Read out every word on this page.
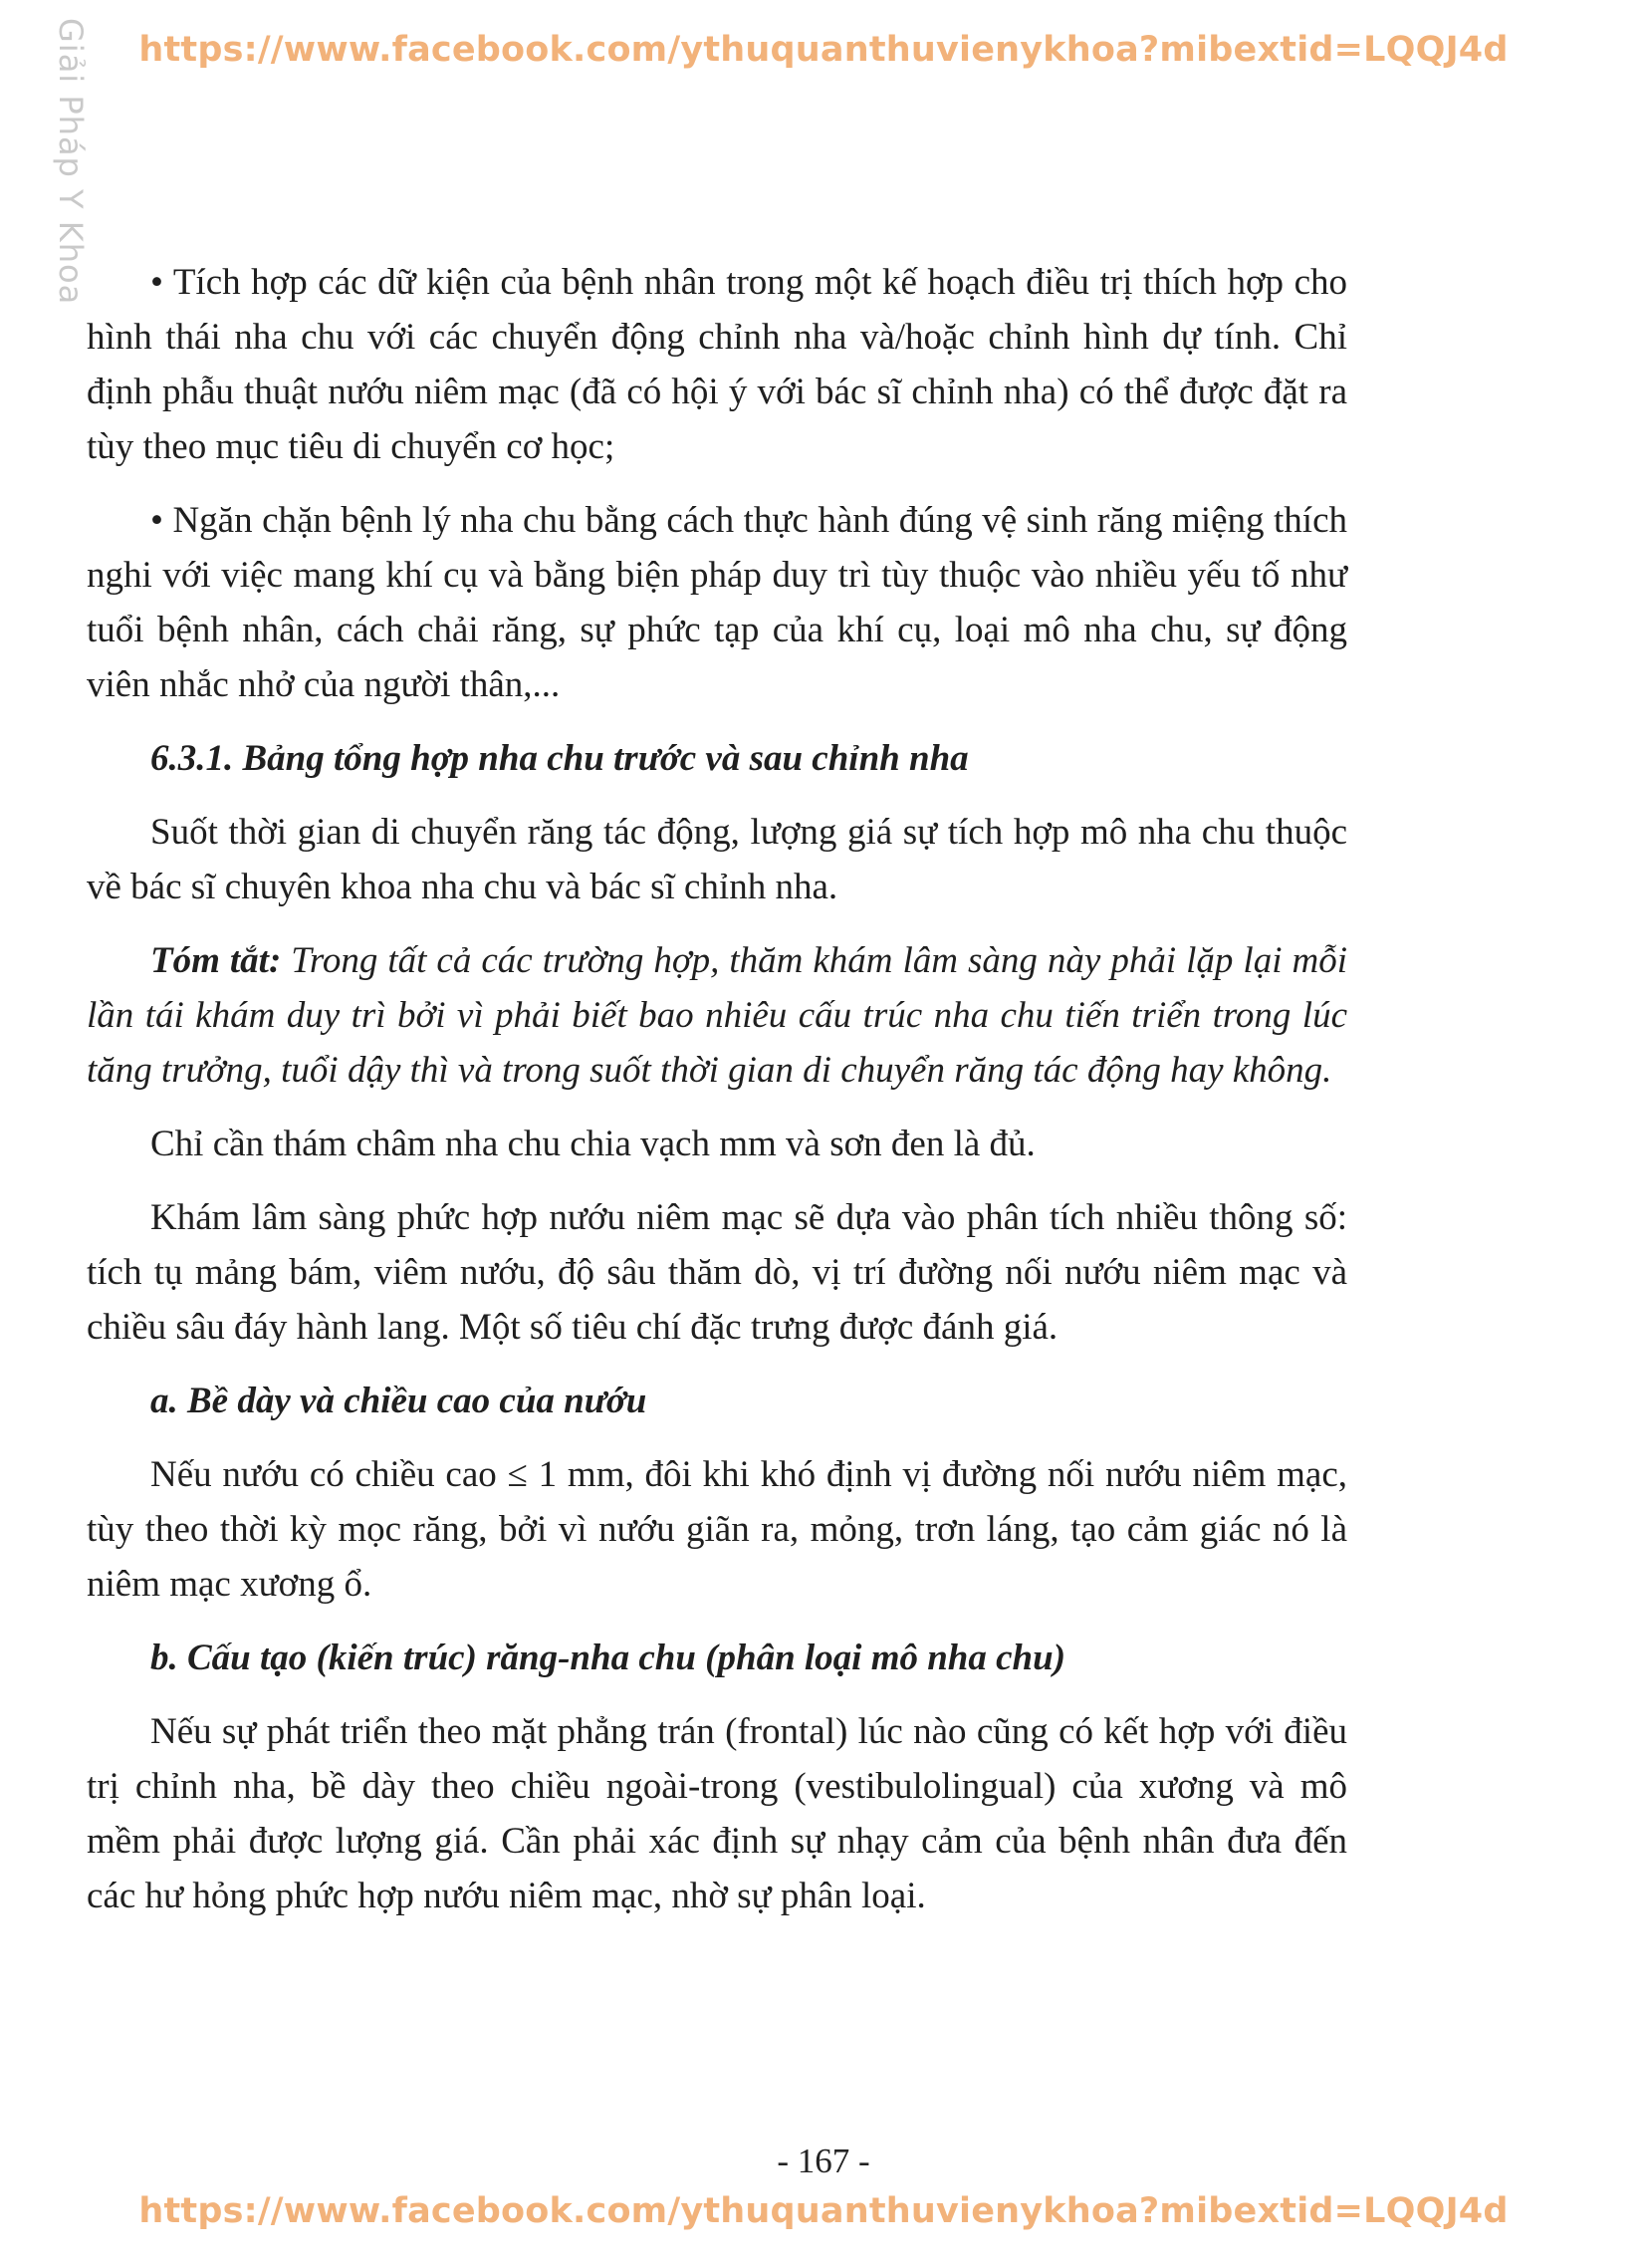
https://www.facebook.com/ythuquanthuvienykhoa?mibextid=LQQJ4d
Giải Pháp Y Khoa	• Tích hợp các dữ kiện của bệnh nhân trong một kế hoạch điều trị thích hợp cho hình thái nha chu với các chuyển động chỉnh nha và/hoặc chỉnh hình dự tính. Chỉ định phẫu thuật nướu niêm mạc (đã có hội ý với bác sĩ chỉnh nha) có thể được đặt ra tùy theo mục tiêu di chuyển cơ học;

• Ngăn chặn bệnh lý nha chu bằng cách thực hành đúng vệ sinh răng miệng thích nghi với việc mang khí cụ và bằng biện pháp duy trì tùy thuộc vào nhiều yếu tố như tuổi bệnh nhân, cách chải răng, sự phức tạp của khí cụ, loại mô nha chu, sự động viên nhắc nhở của người thân,...

6.3.1. Bảng tổng hợp nha chu trước và sau chỉnh nha

Suốt thời gian di chuyển răng tác động, lượng giá sự tích hợp mô nha chu thuộc về bác sĩ chuyên khoa nha chu và bác sĩ chỉnh nha.

Tóm tắt: Trong tất cả các trường hợp, thăm khám lâm sàng này phải lặp lại mỗi lần tái khám duy trì bởi vì phải biết bao nhiêu cấu trúc nha chu tiến triển trong lúc tăng trưởng, tuổi dậy thì và trong suốt thời gian di chuyển răng tác động hay không.

Chỉ cần thám châm nha chu chia vạch mm và sơn đen là đủ.

Khám lâm sàng phức hợp nướu niêm mạc sẽ dựa vào phân tích nhiều thông số: tích tụ mảng bám, viêm nướu, độ sâu thăm dò, vị trí đường nối nướu niêm mạc và chiều sâu đáy hành lang. Một số tiêu chí đặc trưng được đánh giá.

a. Bề dày và chiều cao của nướu

Nếu nướu có chiều cao ≤ 1 mm, đôi khi khó định vị đường nối nướu niêm mạc, tùy theo thời kỳ mọc răng, bởi vì nướu giãn ra, mỏng, trơn láng, tạo cảm giác nó là niêm mạc xương ổ.

b. Cấu tạo (kiến trúc) răng-nha chu (phân loại mô nha chu)

Nếu sự phát triển theo mặt phẳng trán (frontal) lúc nào cũng có kết hợp với điều trị chỉnh nha, bề dày theo chiều ngoài-trong (vestibulolingual) của xương và mô mềm phải được lượng giá. Cần phải xác định sự nhạy cảm của bệnh nhân đưa đến các hư hỏng phức hợp nướu niêm mạc, nhờ sự phân loại.

- 167 -
https://www.facebook.com/ythuquanthuvienykhoa?mibextid=LQQJ4d
